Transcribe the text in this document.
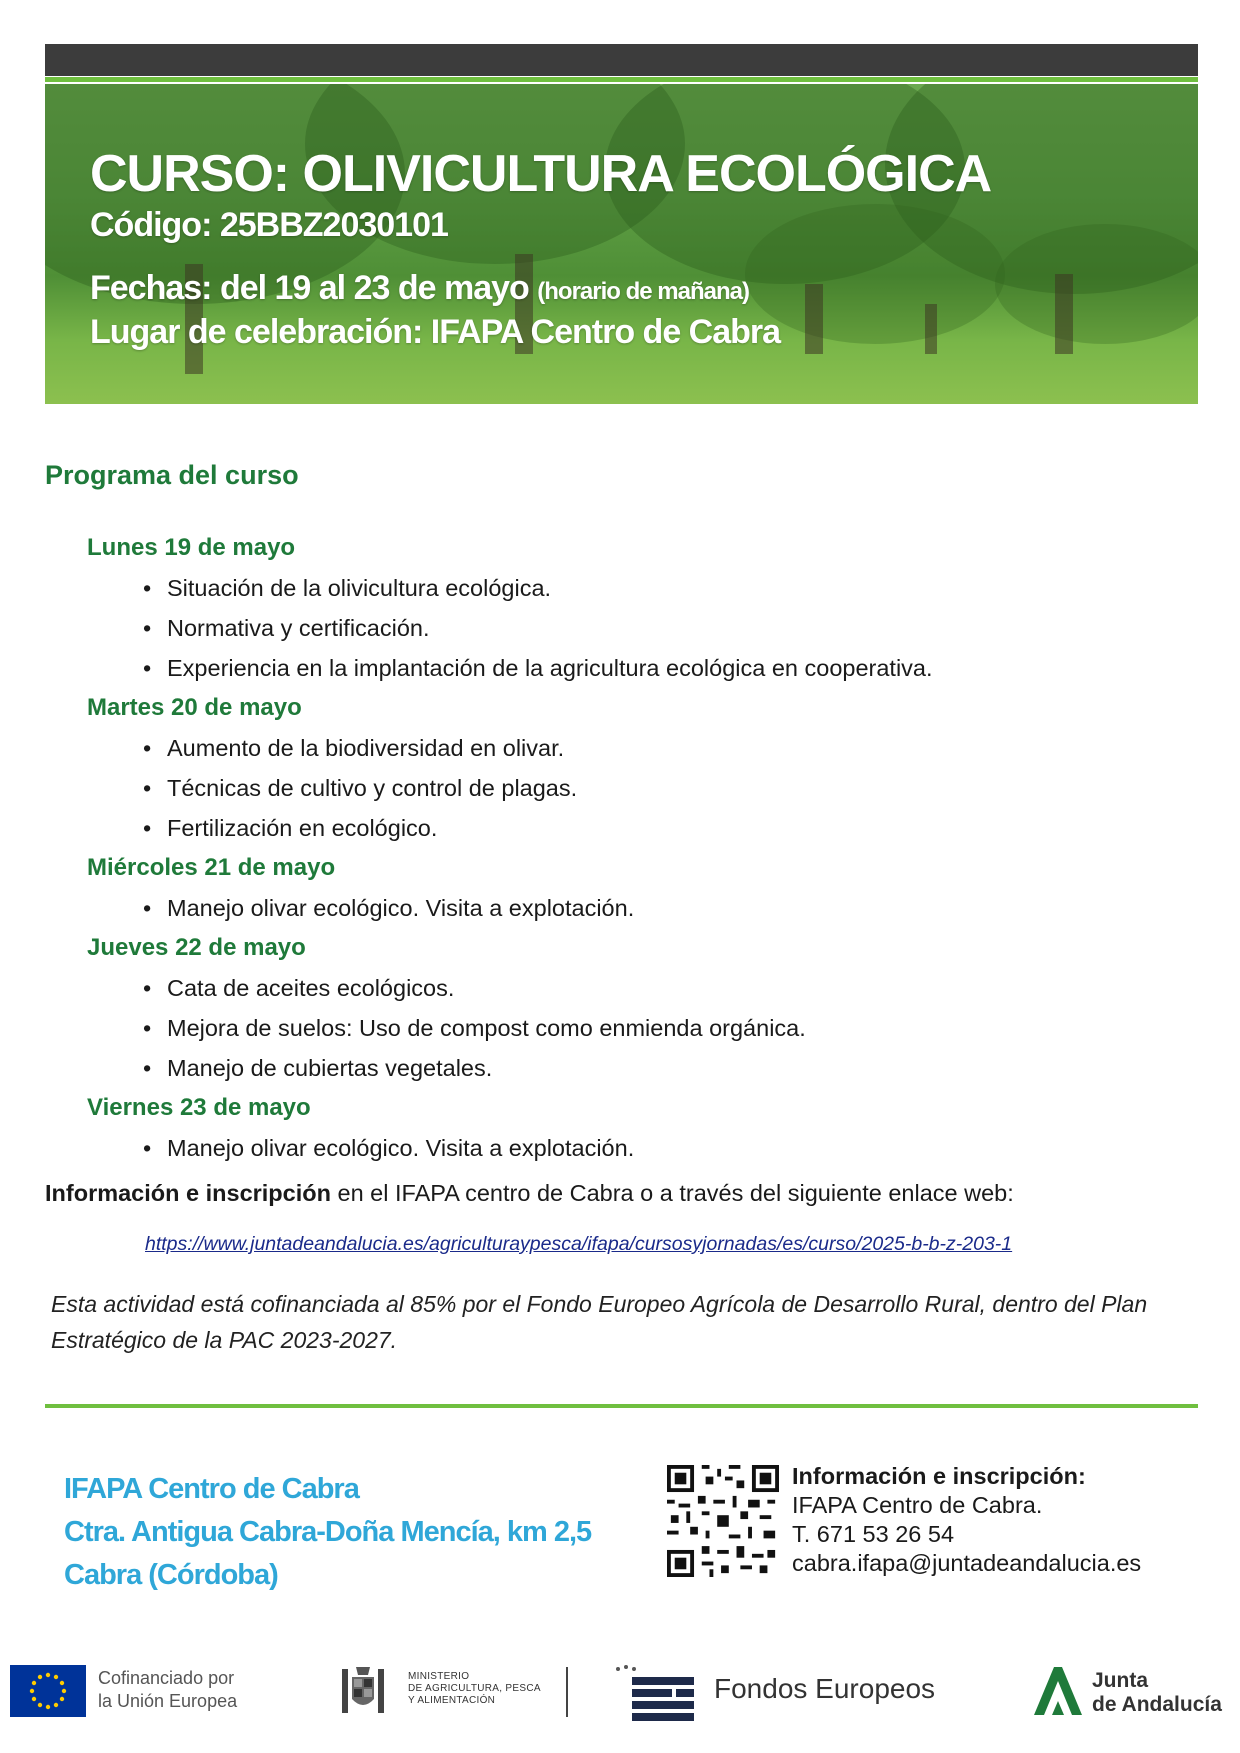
CURSO: OLIVICULTURA ECOLÓGICA
Código: 25BBZ2030101
Fechas: del 19 al 23 de mayo (horario de mañana)
Lugar de celebración: IFAPA Centro de Cabra
Programa del curso
Lunes 19 de mayo
• Situación de la olivicultura ecológica.
• Normativa y certificación.
• Experiencia en la implantación de la agricultura ecológica en cooperativa.
Martes 20 de mayo
• Aumento de la biodiversidad en olivar.
• Técnicas de cultivo y control de plagas.
• Fertilización en ecológico.
Miércoles 21 de mayo
• Manejo olivar ecológico. Visita a explotación.
Jueves 22 de mayo
• Cata de aceites ecológicos.
• Mejora de suelos: Uso de compost como enmienda orgánica.
• Manejo de cubiertas vegetales.
Viernes 23 de mayo
• Manejo olivar ecológico. Visita a explotación.
Información e inscripción en el IFAPA centro de Cabra o a través del siguiente enlace web:
https://www.juntadeandalucia.es/agriculturaypesca/ifapa/cursosyjornadas/es/curso/2025-b-b-z-203-1
Esta actividad está cofinanciada al 85% por el Fondo Europeo Agrícola de Desarrollo Rural, dentro del Plan Estratégico de la PAC 2023-2027.
IFAPA Centro de Cabra
Ctra. Antigua Cabra-Doña Mencía, km 2,5
Cabra (Córdoba)
Información e inscripción:
IFAPA Centro de Cabra.
T. 671 53 26 54
cabra.ifapa@juntadeandalucia.es
Cofinanciado por
la Unión Europea
MINISTERIO
DE AGRICULTURA, PESCA
Y ALIMENTACIÓN	Fondos Europeos	Junta
de Andalucía
